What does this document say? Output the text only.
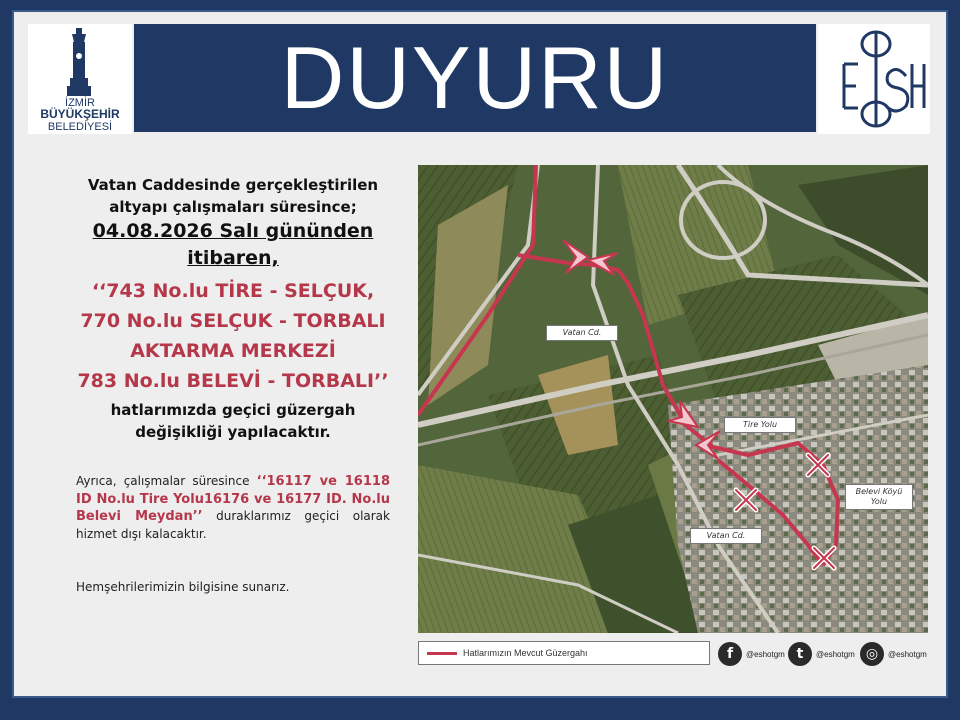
İZMİR
BÜYÜKŞEHİR
BELEDİYESİ DUYURU
Vatan Caddesinde gerçekleştirilen
altyapı çalışmaları süresince;
04.08.2026 Salı gününden
itibaren,
‘‘743 No.lu TİRE - SELÇUK,
770 No.lu SELÇUK - TORBALI
AKTARMA MERKEZİ
783 No.lu BELEVİ - TORBALI’’
hatlarımızda geçici güzergah
değişikliği yapılacaktır.
Ayrıca, çalışmalar süresince ‘‘16117 ve 16118 ID No.lu Tire Yolu16176 ve 16177 ID. No.lu Belevi Meydan’’ duraklarımız geçici olarak hizmet dışı kalacaktır.
Hemşehrilerimizin bilgisine sunarız.
Vatan Cd.
Tire Yolu
Belevi Köyü
Yolu
Vatan Cd.
Hatlarımızın Mevcut Güzergahı	f	@eshotgm t	@eshotgm ◎	@eshotgm
